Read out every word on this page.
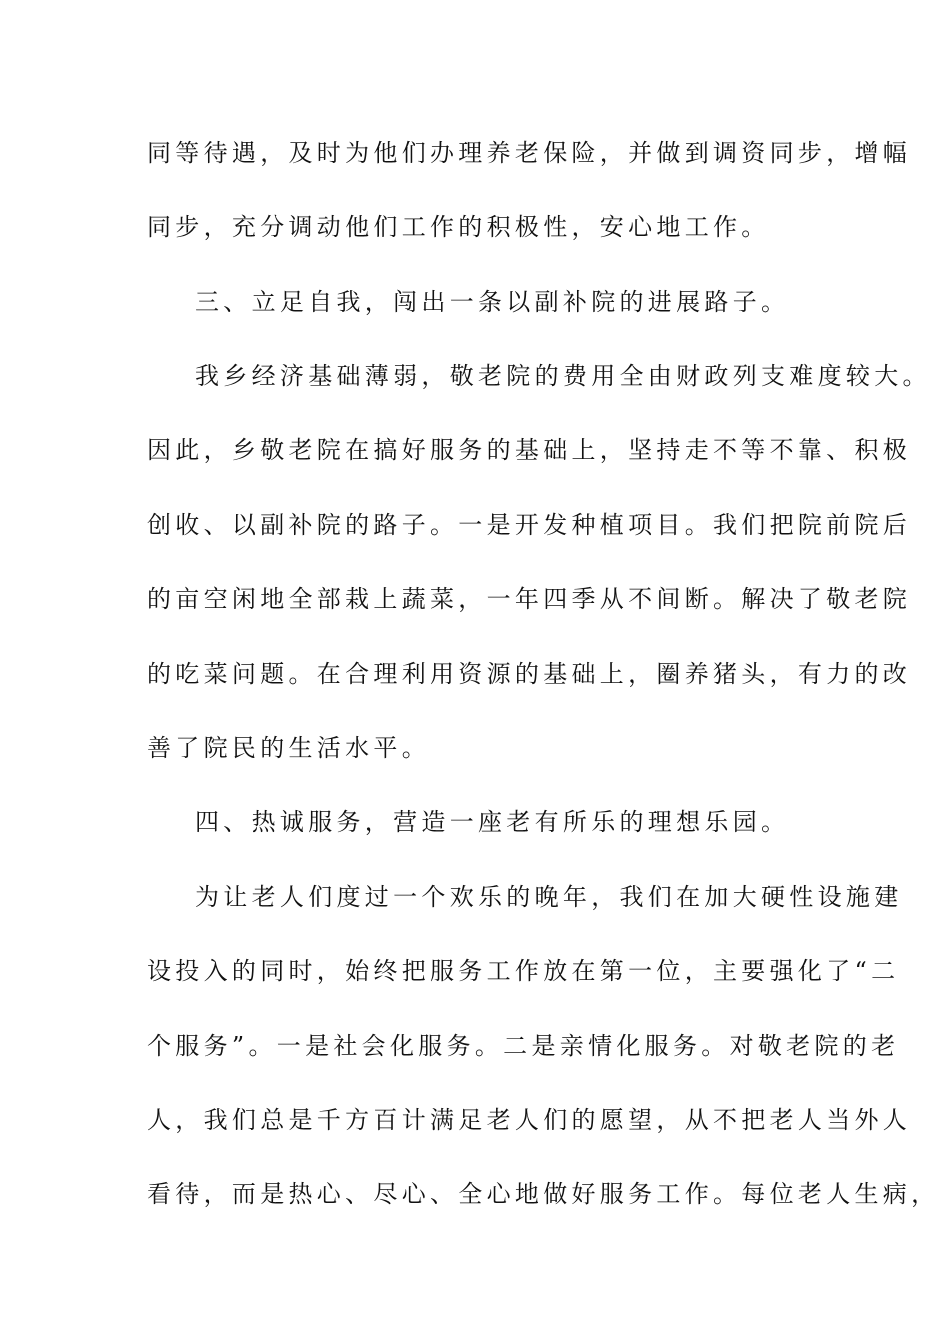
同等待遇，及时为他们办理养老保险，并做到调资同步，增幅
同步，充分调动他们工作的积极性，安心地工作。
三、立足自我，闯出一条以副补院的进展路子。
我乡经济基础薄弱，敬老院的费用全由财政列支难度较大。
因此，乡敬老院在搞好服务的基础上，坚持走不等不靠、积极
创收、以副补院的路子。一是开发种植项目。我们把院前院后
的亩空闲地全部栽上蔬菜，一年四季从不间断。解决了敬老院
的吃菜问题。在合理利用资源的基础上，圈养猪头，有力的改
善了院民的生活水平。
四、热诚服务，营造一座老有所乐的理想乐园。
为让老人们度过一个欢乐的晚年，我们在加大硬性设施建
设投入的同时，始终把服务工作放在第一位，主要强化了“二
个服务”。一是社会化服务。二是亲情化服务。对敬老院的老
人，我们总是千方百计满足老人们的愿望，从不把老人当外人
看待，而是热心、尽心、全心地做好服务工作。每位老人生病，
